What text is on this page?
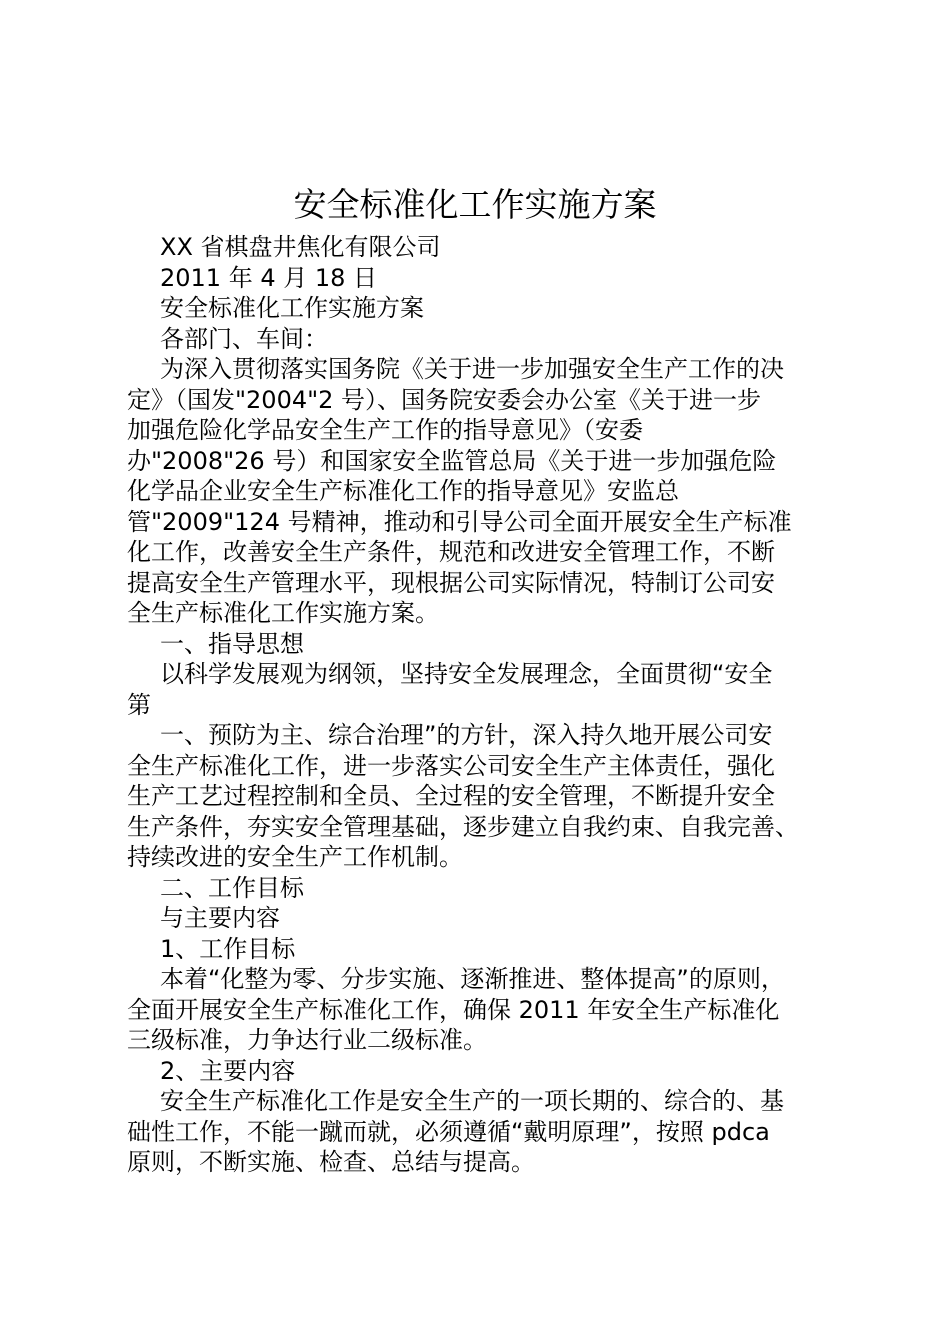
安全标准化工作实施方案

XX 省棋盘井焦化有限公司

2011 年 4 月 18 日

安全标准化工作实施方案

各部门、车间：

为深入贯彻落实国务院《关于进一步加强安全生产工作的决

定》（国发"2004"2 号）、国务院安委会办公室《关于进一步

加强危险化学品安全生产工作的指导意见》（安委

办"2008"26 号）和国家安全监管总局《关于进一步加强危险

化学品企业安全生产标准化工作的指导意见》安监总

管"2009"124 号精神，推动和引导公司全面开展安全生产标准

化工作，改善安全生产条件，规范和改进安全管理工作，不断

提高安全生产管理水平，现根据公司实际情况，特制订公司安

全生产标准化工作实施方案。

一、指导思想

以科学发展观为纲领，坚持安全发展理念，全面贯彻“安全

第

一、预防为主、综合治理”的方针，深入持久地开展公司安

全生产标准化工作，进一步落实公司安全生产主体责任，强化

生产工艺过程控制和全员、全过程的安全管理，不断提升安全

生产条件，夯实安全管理基础，逐步建立自我约束、自我完善、

持续改进的安全生产工作机制。

二、工作目标

与主要内容

1、工作目标

本着“化整为零、分步实施、逐渐推进、整体提高”的原则，

全面开展安全生产标准化工作，确保 2011 年安全生产标准化

三级标准，力争达行业二级标准。

2、主要内容

安全生产标准化工作是安全生产的一项长期的、综合的、基

础性工作，不能一蹴而就，必须遵循“戴明原理”，按照 pdca

原则，不断实施、检查、总结与提高。
